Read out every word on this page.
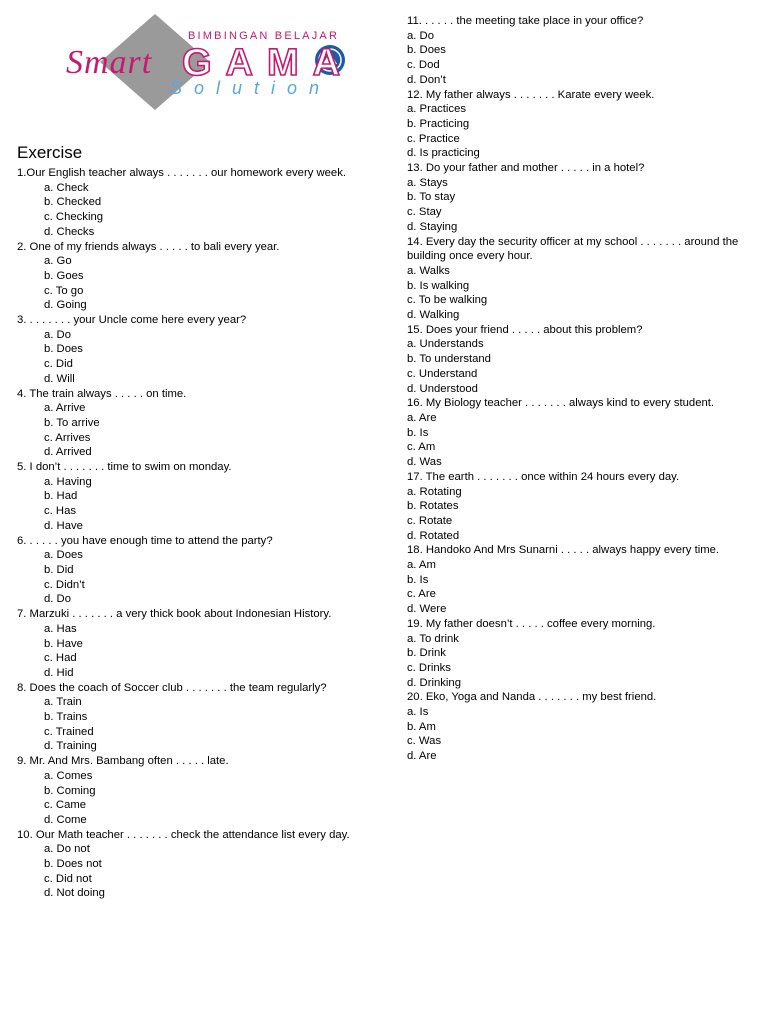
BIMBINGAN BELAJAR
Smart GAMA
Solution
Exercise
1.Our English teacher always . . . . . . . our homework every week.
a. Check
b. Checked
c. Checking
d. Checks
2. One of my friends always . . . . . to bali every year.
a. Go
b. Goes
c. To go
d. Going
3. . . . . . . . your Uncle come here every year?
a. Do
b. Does
c. Did
d. Will
4. The train always . . . . . on time.
a. Arrive
b. To arrive
c. Arrives
d. Arrived
5. I don’t . . . . . . . time to swim on monday.
a. Having
b. Had
c. Has
d. Have
6. . . . . . you have enough time to attend the party?
a. Does
b. Did
c. Didn’t
d. Do
7. Marzuki . . . . . . . a very thick book about Indonesian History.
a. Has
b. Have
c. Had
d. Hid
8. Does the coach of Soccer club . . . . . . . the team regularly?
a. Train
b. Trains
c. Trained
d. Training
9. Mr. And Mrs. Bambang often . . . . . late.
a. Comes
b. Coming
c. Came
d. Come
10. Our Math teacher . . . . . . . check the attendance list every day.
a. Do not
b. Does not
c. Did not
d. Not doing
11. . . . . . the meeting take place in your office?
a. Do
b. Does
c. Dod
d. Don’t
12. My father always . . . . . . . Karate every week.
a. Practices
b. Practicing
c. Practice
d. Is practicing
13. Do your father and mother . . . . . in a hotel?
a. Stays
b. To stay
c. Stay
d. Staying
14. Every day the security officer at my school . . . . . . . around the building once every hour.
a. Walks
b. Is walking
c. To be walking
d. Walking
15. Does your friend . . . . . about this problem?
a. Understands
b. To understand
c. Understand
d. Understood
16. My Biology teacher . . . . . . . always kind to every student.
a. Are
b. Is
c. Am
d. Was
17. The earth . . . . . . . once within 24 hours every day.
a. Rotating
b. Rotates
c. Rotate
d. Rotated
18. Handoko And Mrs Sunarni . . . . . always happy every time.
a. Am
b. Is
c. Are
d. Were
19. My father doesn’t . . . . . coffee every morning.
a. To drink
b. Drink
c. Drinks
d. Drinking
20. Eko, Yoga and Nanda . . . . . . . my best friend.
a. Is
b. Am
c. Was
d. Are
